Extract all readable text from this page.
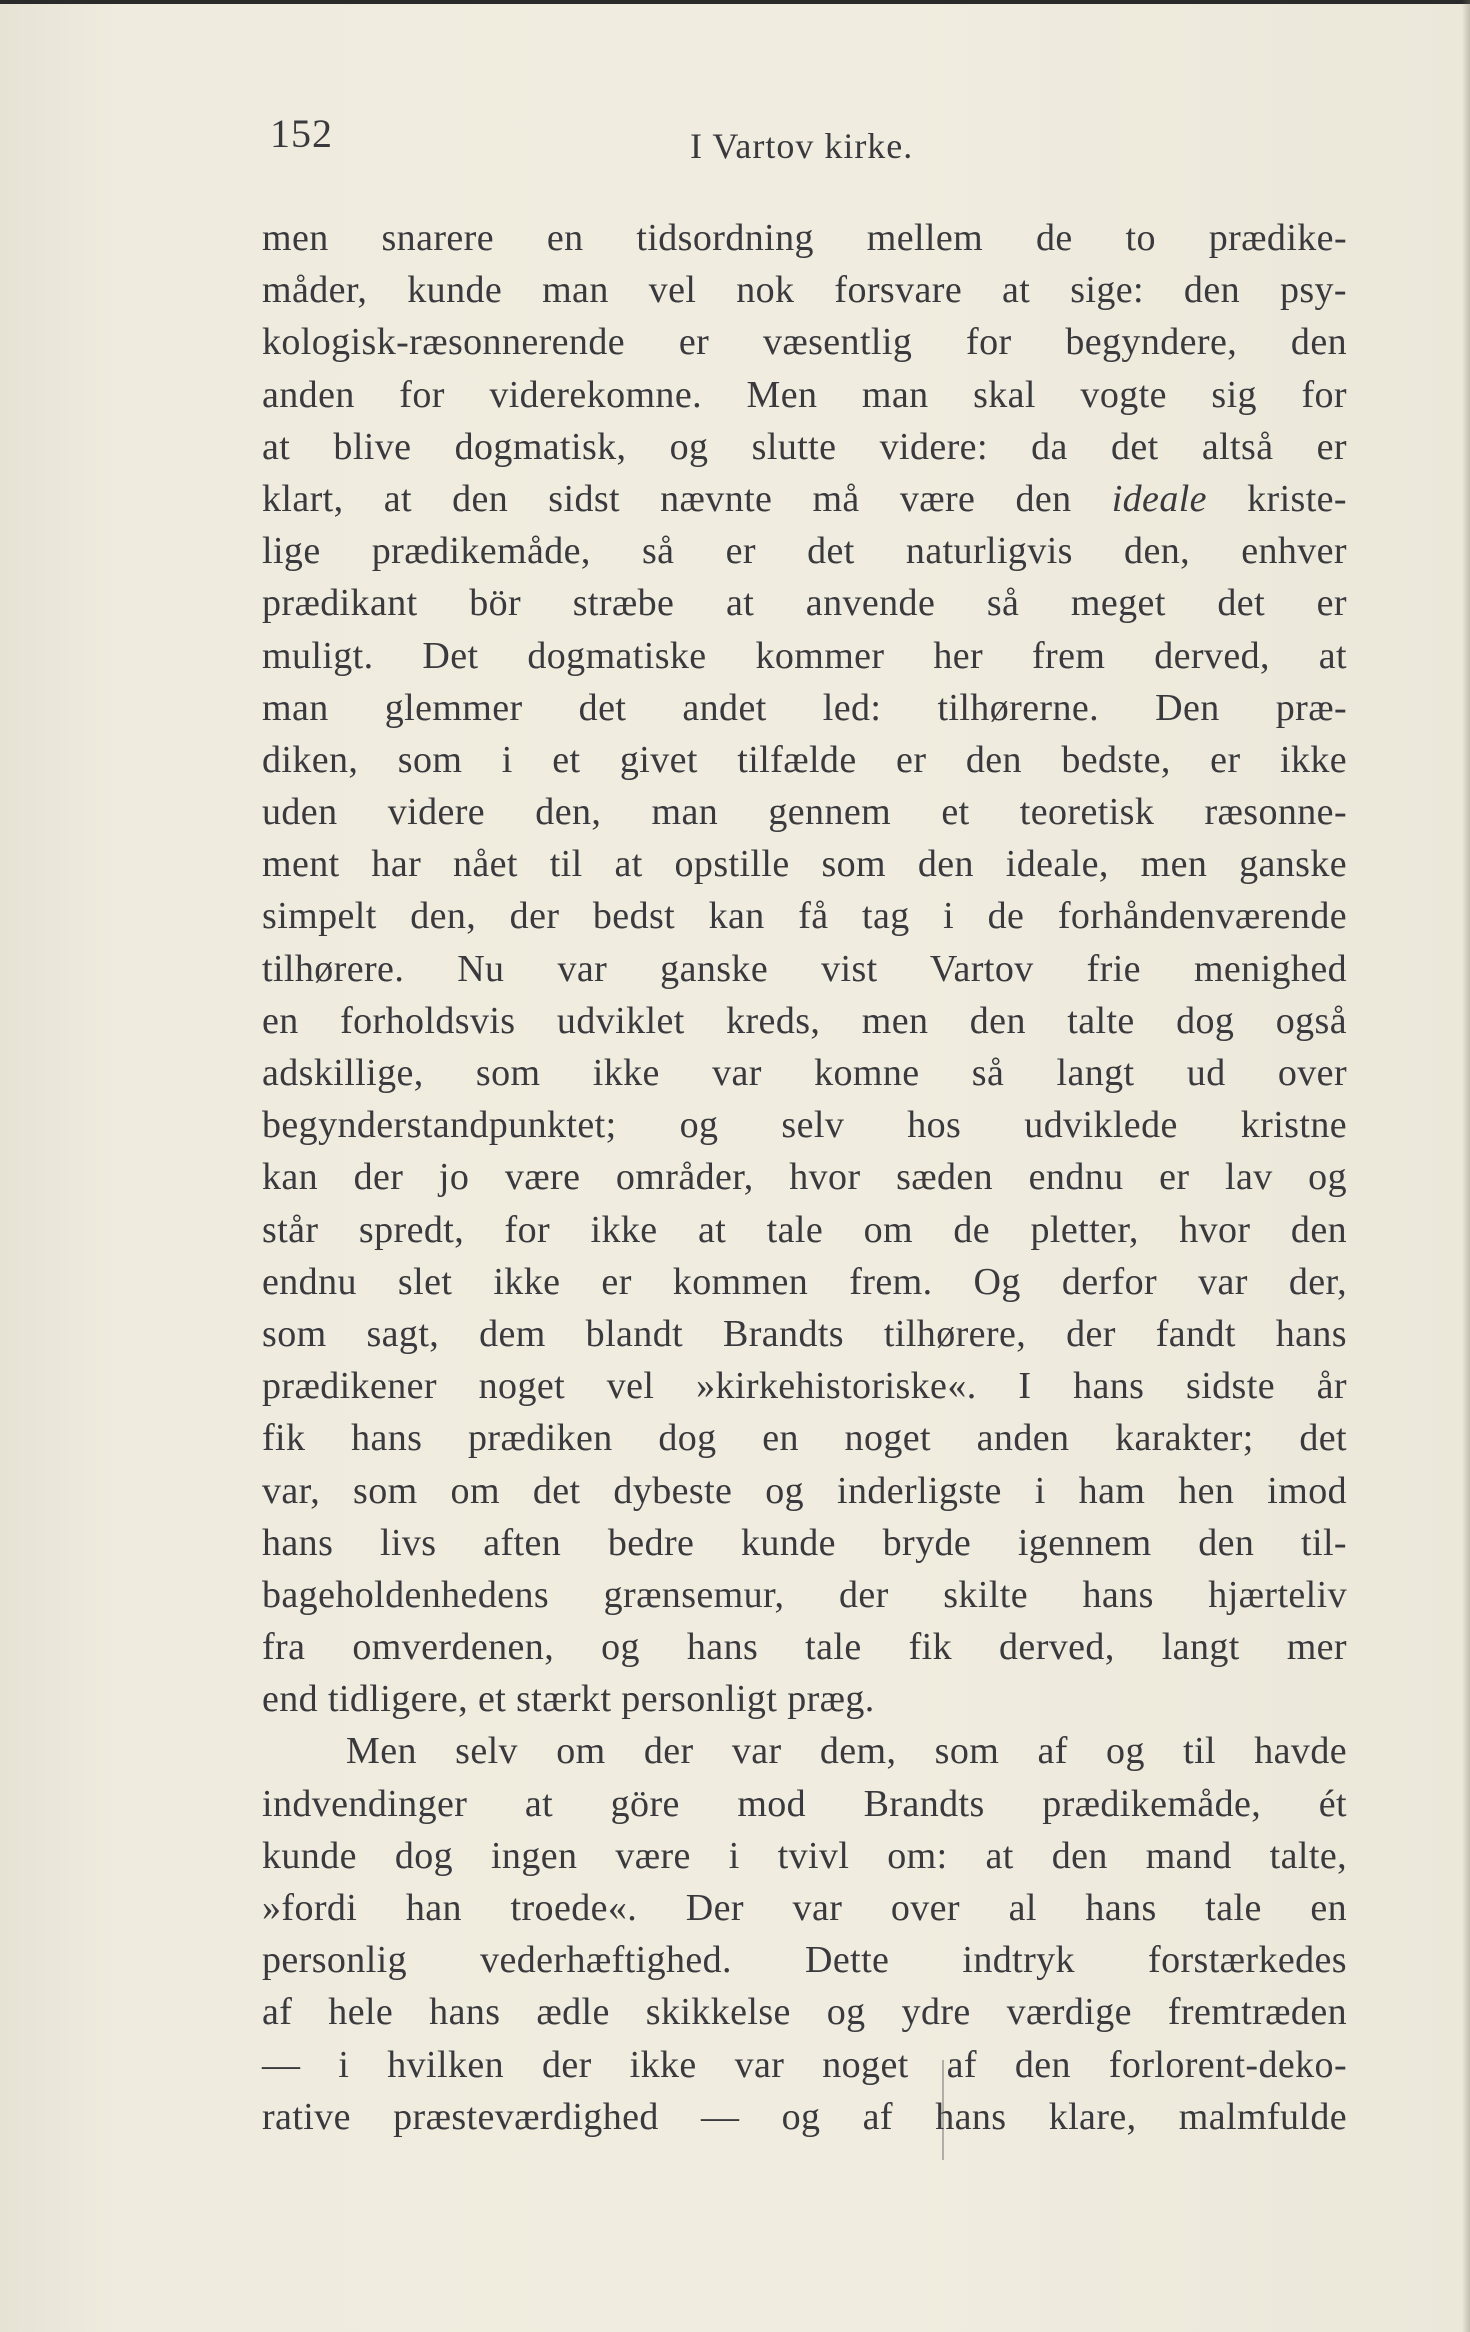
152	I Vartov kirke.
men snarere en tidsordning mellem de to prædike-
måder, kunde man vel nok forsvare at sige: den psy-
kologisk-ræsonnerende er væsentlig for begyndere, den
anden for viderekomne. Men man skal vogte sig for
at blive dogmatisk, og slutte videre: da det altså er
klart, at den sidst nævnte må være den ideale kriste-
lige prædikemåde, så er det naturligvis den, enhver
prædikant bör stræbe at anvende så meget det er
muligt. Det dogmatiske kommer her frem derved, at
man glemmer det andet led: tilhørerne. Den præ-
diken, som i et givet tilfælde er den bedste, er ikke
uden videre den, man gennem et teoretisk ræsonne-
ment har nået til at opstille som den ideale, men ganske
simpelt den, der bedst kan få tag i de forhåndenværende
tilhørere. Nu var ganske vist Vartov frie menighed
en forholdsvis udviklet kreds, men den talte dog også
adskillige, som ikke var komne så langt ud over
begynderstandpunktet; og selv hos udviklede kristne
kan der jo være områder, hvor sæden endnu er lav og
står spredt, for ikke at tale om de pletter, hvor den
endnu slet ikke er kommen frem. Og derfor var der,
som sagt, dem blandt Brandts tilhørere, der fandt hans
prædikener noget vel »kirkehistoriske«. I hans sidste år
fik hans prædiken dog en noget anden karakter; det
var, som om det dybeste og inderligste i ham hen imod
hans livs aften bedre kunde bryde igennem den til-
bageholdenhedens grænsemur, der skilte hans hjærteliv
fra omverdenen, og hans tale fik derved, langt mer
end tidligere, et stærkt personligt præg.
Men selv om der var dem, som af og til havde
indvendinger at göre mod Brandts prædikemåde, ét
kunde dog ingen være i tvivl om: at den mand talte,
»fordi han troede«. Der var over al hans tale en
personlig vederhæftighed. Dette indtryk forstærkedes
af hele hans ædle skikkelse og ydre værdige fremtræden
— i hvilken der ikke var noget af den forlorent-deko-
rative præsteværdighed — og af hans klare, malmfulde
